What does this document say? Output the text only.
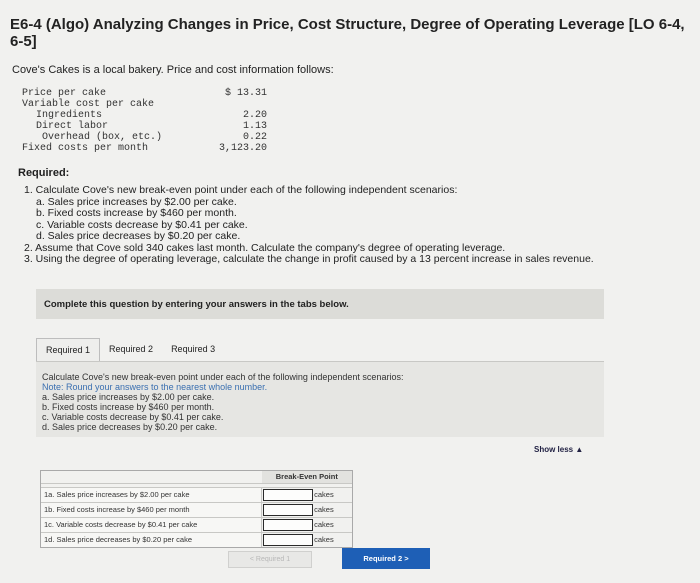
E6-4 (Algo) Analyzing Changes in Price, Cost Structure, Degree of Operating Leverage [LO 6-4, 6-5]
Cove's Cakes is a local bakery. Price and cost information follows:
Price per cake	$ 13.31
Variable cost per cake
Ingredients	2.20
Direct labor	1.13
Overhead (box, etc.)	0.22
Fixed costs per month	3,123.20
Required:
1. Calculate Cove's new break-even point under each of the following independent scenarios:
a. Sales price increases by $2.00 per cake.
b. Fixed costs increase by $460 per month.
c. Variable costs decrease by $0.41 per cake.
d. Sales price decreases by $0.20 per cake.
2. Assume that Cove sold 340 cakes last month. Calculate the company's degree of operating leverage.
3. Using the degree of operating leverage, calculate the change in profit caused by a 13 percent increase in sales revenue.
Complete this question by entering your answers in the tabs below.
Required 1	Required 2	Required 3
Calculate Cove's new break-even point under each of the following independent scenarios:
Note: Round your answers to the nearest whole number.
a. Sales price increases by $2.00 per cake.
b. Fixed costs increase by $460 per month.
c. Variable costs decrease by $0.41 per cake.
d. Sales price decreases by $0.20 per cake.
Show less ▲
Break-Even Point
1a. Sales price increases by $2.00 per cake	cakes
1b. Fixed costs increase by $460 per month	cakes
1c. Variable costs decrease by $0.41 per cake	cakes
1d. Sales price decreases by $0.20 per cake	cakes
< Required 1	Required 2 >
